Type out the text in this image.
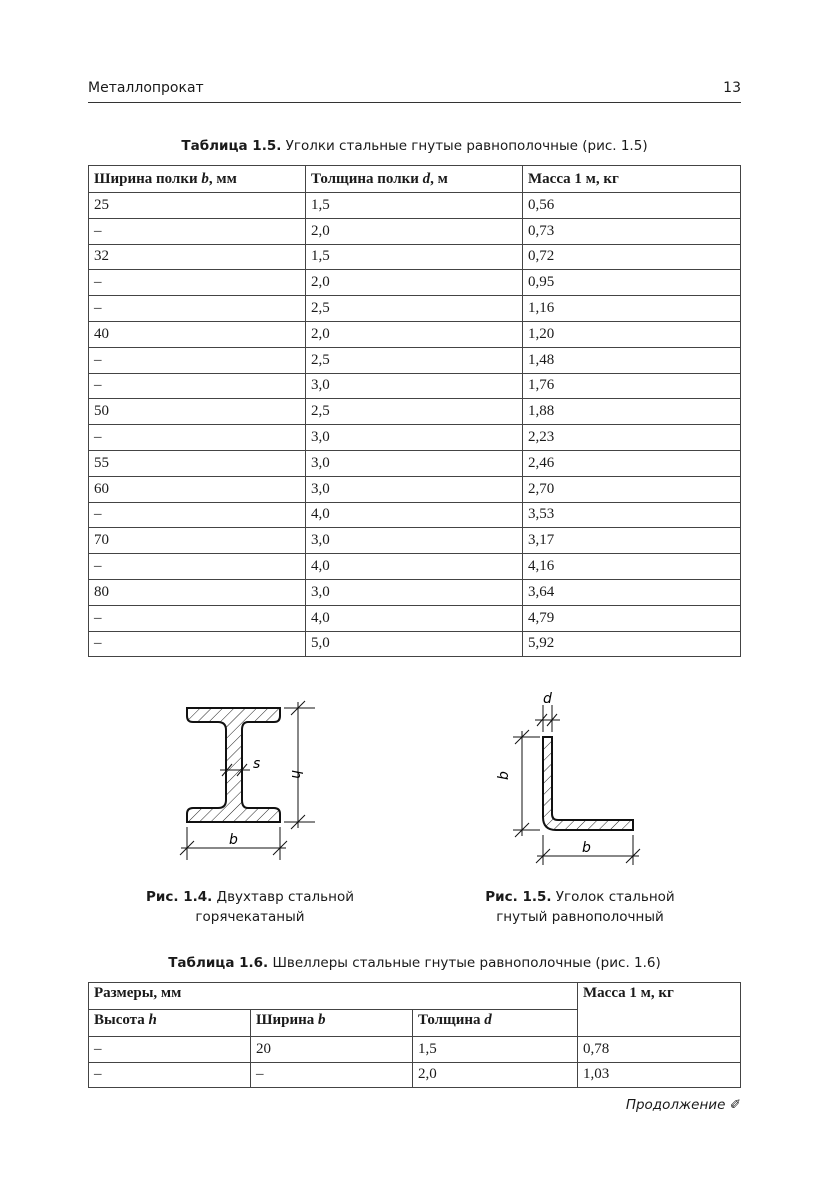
Металлопрокат	13
Таблица 1.5. Уголки стальные гнутые равнополочные (рис. 1.5)
Ширина полки b, мм	Толщина полки d, м	Масса 1 м, кг
25	1,5	0,56
–	2,0	0,73
32	1,5	0,72
–	2,0	0,95
–	2,5	1,16
40	2,0	1,20
–	2,5	1,48
–	3,0	1,76
50	2,5	1,88
–	3,0	2,23
55	3,0	2,46
60	3,0	2,70
–	4,0	3,53
70	3,0	3,17
–	4,0	4,16
80	3,0	3,64
–	4,0	4,79
–	5,0	5,92
s
h
b
d
b
b
Рис. 1.4. Двухтавр стальной
горячекатаный
Рис. 1.5. Уголок стальной
гнутый равнополочный
Таблица 1.6. Швеллеры стальные гнутые равнополочные (рис. 1.6)
Размеры, мм			Масса 1 м, кг
Высота h	Ширина b	Толщина d	
–	20	1,5	0,78
–	–	2,0	1,03
Продолжение ✐
